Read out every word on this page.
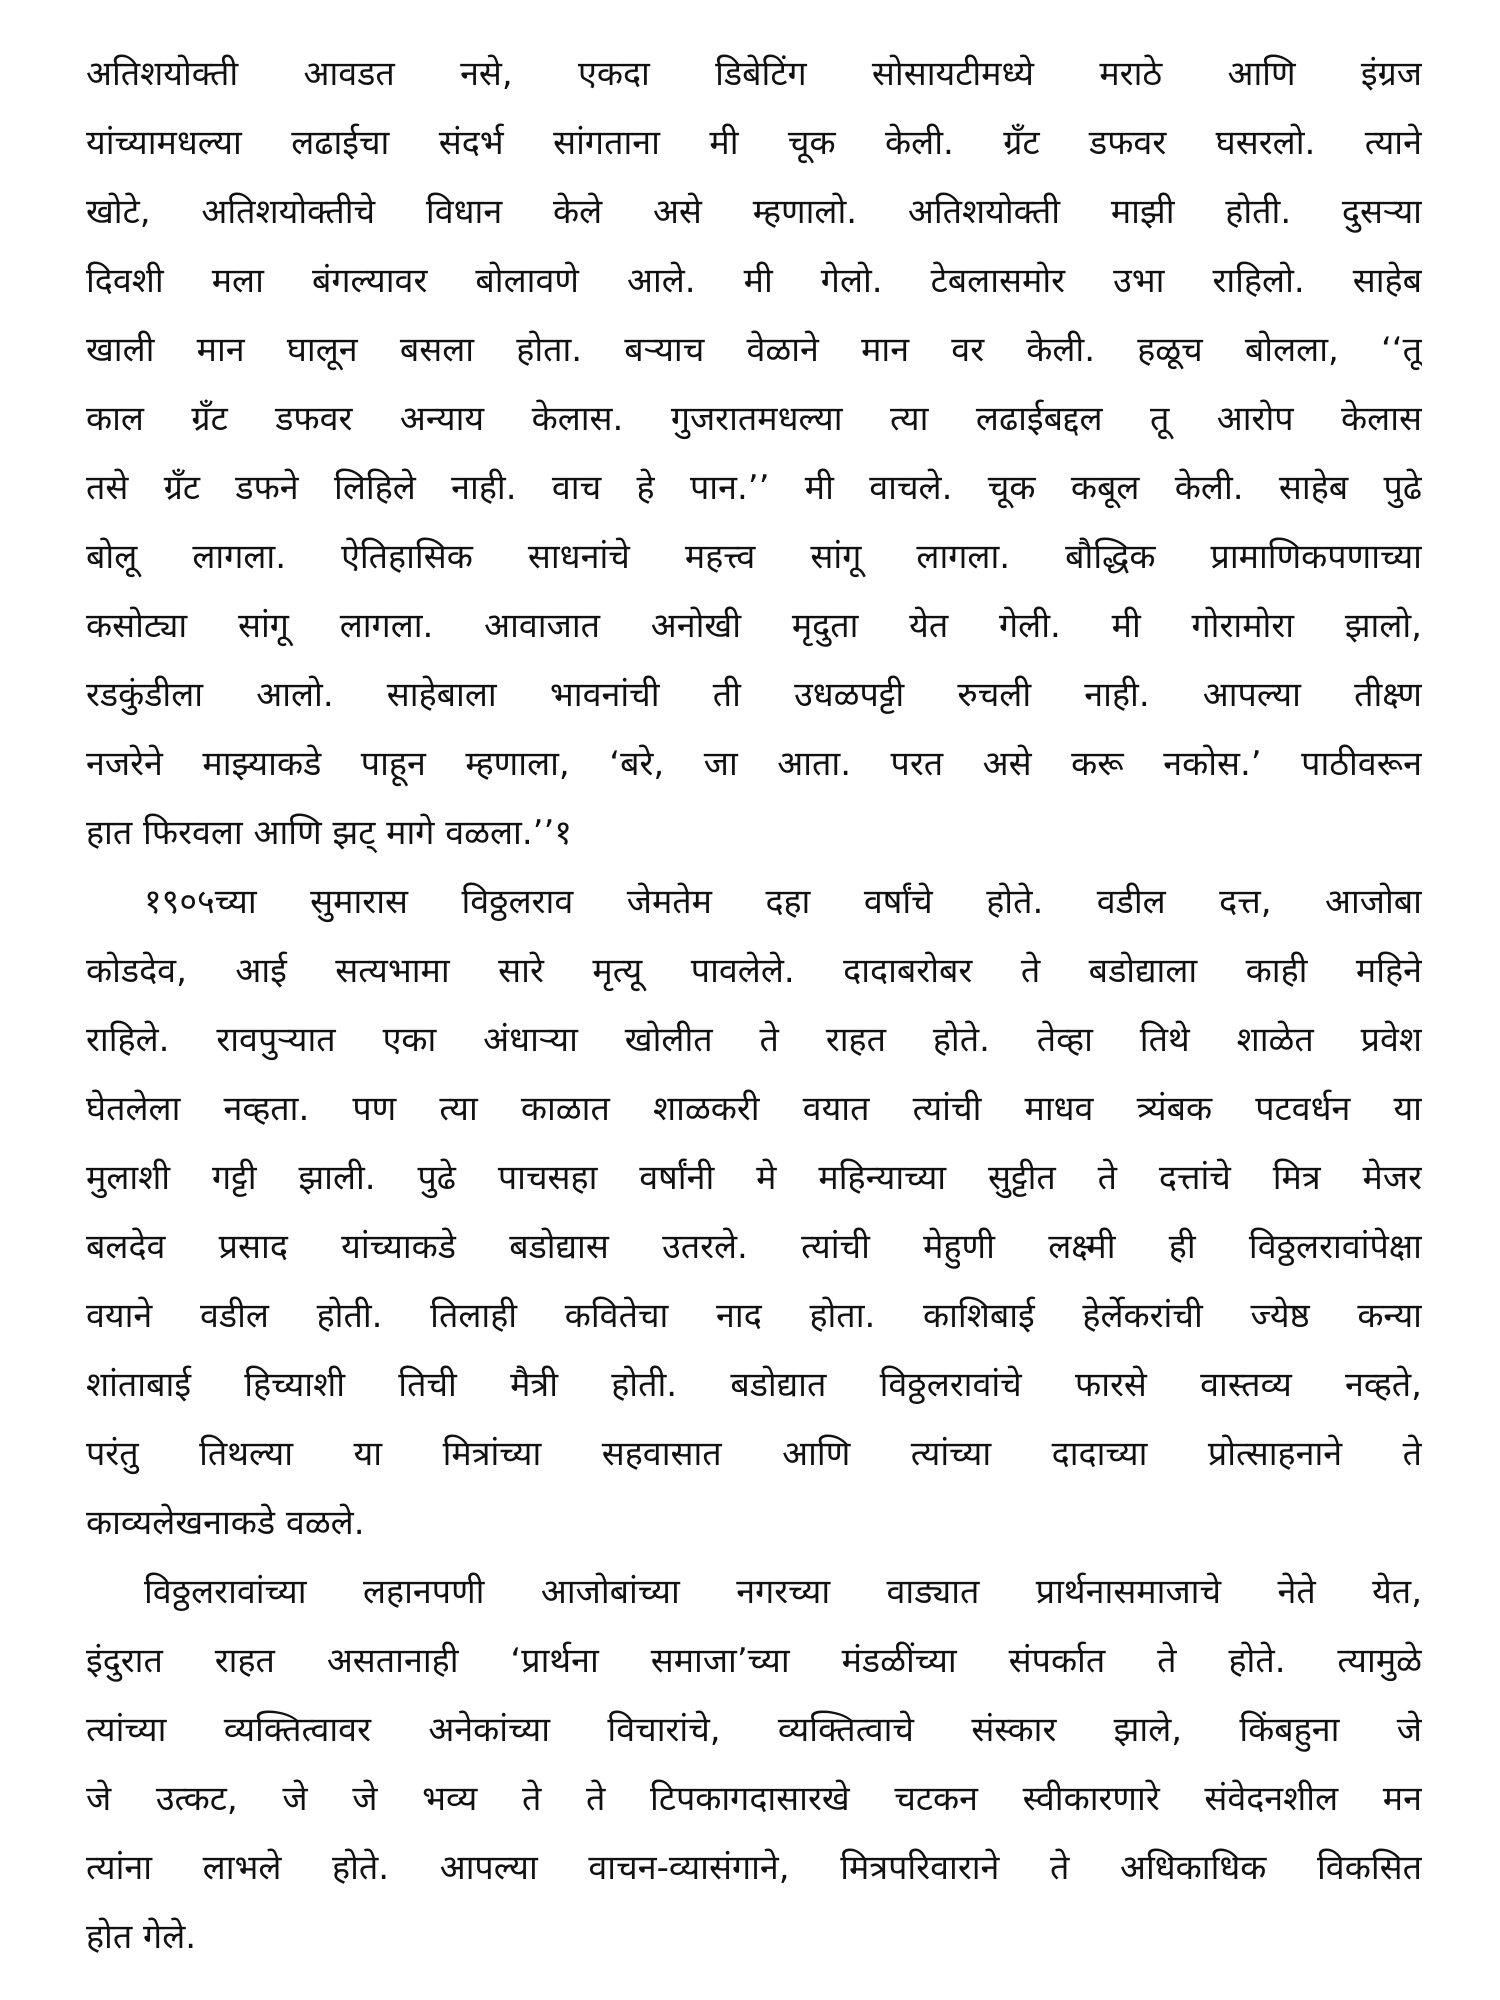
अतिशयोक्ती आवडत नसे, एकदा डिबेटिंग सोसायटीमध्ये मराठे आणि इंग्रज
यांच्यामधल्या लढाईचा संदर्भ सांगताना मी चूक केली. ग्रँट डफवर घसरलो. त्याने
खोटे, अतिशयोक्तीचे विधान केले असे म्हणालो. अतिशयोक्ती माझी होती. दुसऱ्या
दिवशी मला बंगल्यावर बोलावणे आले. मी गेलो. टेबलासमोर उभा राहिलो. साहेब
खाली मान घालून बसला होता. बऱ्याच वेळाने मान वर केली. हळूच बोलला, ‘‘तू
काल ग्रँट डफवर अन्याय केलास. गुजरातमधल्या त्या लढाईबद्दल तू आरोप केलास
तसे ग्रँट डफने लिहिले नाही. वाच हे पान.’’ मी वाचले. चूक कबूल केली. साहेब पुढे
बोलू लागला. ऐतिहासिक साधनांचे महत्त्व सांगू लागला. बौद्धिक प्रामाणिकपणाच्या
कसोट्या सांगू लागला. आवाजात अनोखी मृदुता येत गेली. मी गोरामोरा झालो,
रडकुंडीला आलो. साहेबाला भावनांची ती उधळपट्टी रुचली नाही. आपल्या तीक्ष्ण
नजरेने माझ्याकडे पाहून म्हणाला, ‘बरे, जा आता. परत असे करू नकोस.’ पाठीवरून
हात फिरवला आणि झट् मागे वळला.’’१
१९०५च्या सुमारास विठ्ठलराव जेमतेम दहा वर्षांचे होते. वडील दत्त, आजोबा
कोडदेव, आई सत्यभामा सारे मृत्यू पावलेले. दादाबरोबर ते बडोद्याला काही महिने
राहिले. रावपुऱ्यात एका अंधाऱ्या खोलीत ते राहत होते. तेव्हा तिथे शाळेत प्रवेश
घेतलेला नव्हता. पण त्या काळात शाळकरी वयात त्यांची माधव त्र्यंबक पटवर्धन या
मुलाशी गट्टी झाली. पुढे पाचसहा वर्षांनी मे महिन्याच्या सुट्टीत ते दत्तांचे मित्र मेजर
बलदेव प्रसाद यांच्याकडे बडोद्यास उतरले. त्यांची मेहुणी लक्ष्मी ही विठ्ठलरावांपेक्षा
वयाने वडील होती. तिलाही कवितेचा नाद होता. काशिबाई हेर्लेकरांची ज्येष्ठ कन्या
शांताबाई हिच्याशी तिची मैत्री होती. बडोद्यात विठ्ठलरावांचे फारसे वास्तव्य नव्हते,
परंतु तिथल्या या मित्रांच्या सहवासात आणि त्यांच्या दादाच्या प्रोत्साहनाने ते
काव्यलेखनाकडे वळले.
विठ्ठलरावांच्या लहानपणी आजोबांच्या नगरच्या वाड्यात प्रार्थनासमाजाचे नेते येत,
इंदुरात राहत असतानाही ‘प्रार्थना समाजा’च्या मंडळींच्या संपर्कात ते होते. त्यामुळे
त्यांच्या व्यक्तित्वावर अनेकांच्या विचारांचे, व्यक्तित्वाचे संस्कार झाले, किंबहुना जे
जे उत्कट, जे जे भव्य ते ते टिपकागदासारखे चटकन स्वीकारणारे संवेदनशील मन
त्यांना लाभले होते. आपल्या वाचन-व्यासंगाने, मित्रपरिवाराने ते अधिकाधिक विकसित
होत गेले.
